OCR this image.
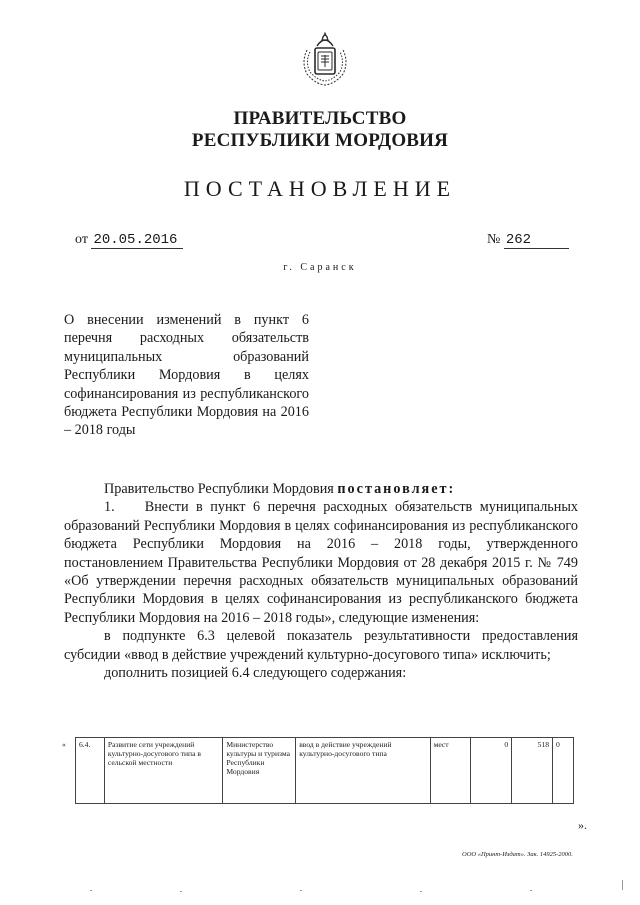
ПРАВИТЕЛЬСТВО
РЕСПУБЛИКИ МОРДОВИЯ
ПОСТАНОВЛЕНИЕ
от 20.05.2016	№ 262
г. Саранск
О внесении изменений в пункт 6 перечня расходных обязательств муниципальных образований Республики Мордовия в целях софинансирования из республиканского бюджета Республики Мордовия на 2016 – 2018 годы
Правительство Республики Мордовия постановляет:
1. Внести в пункт 6 перечня расходных обязательств муниципальных образований Республики Мордовия в целях софинансирования из республиканского бюджета Республики Мордовия на 2016 – 2018 годы, утвержденного постановлением Правительства Республики Мордовия от 28 декабря 2015 г. № 749 «Об утверждении перечня расходных обязательств муниципальных образований Республики Мордовия в целях софинансирования из республиканского бюджета Республики Мордовия на 2016 – 2018 годы», следующие изменения:
в подпункте 6.3 целевой показатель результативности предоставления субсидии «ввод в действие учреждений культурно-досугового типа» исключить;
дополнить позицией 6.4 следующего содержания:
«	6.4.	Развитие сети учреждений культурно-досугового типа в сельской местности	Министерство культуры и туризма Республики Мордовия	ввод в действие учреждений культурно-досугового типа	мест	0	518	0
».
ООО «Принт-Издат». Зак. 14925-2000.
